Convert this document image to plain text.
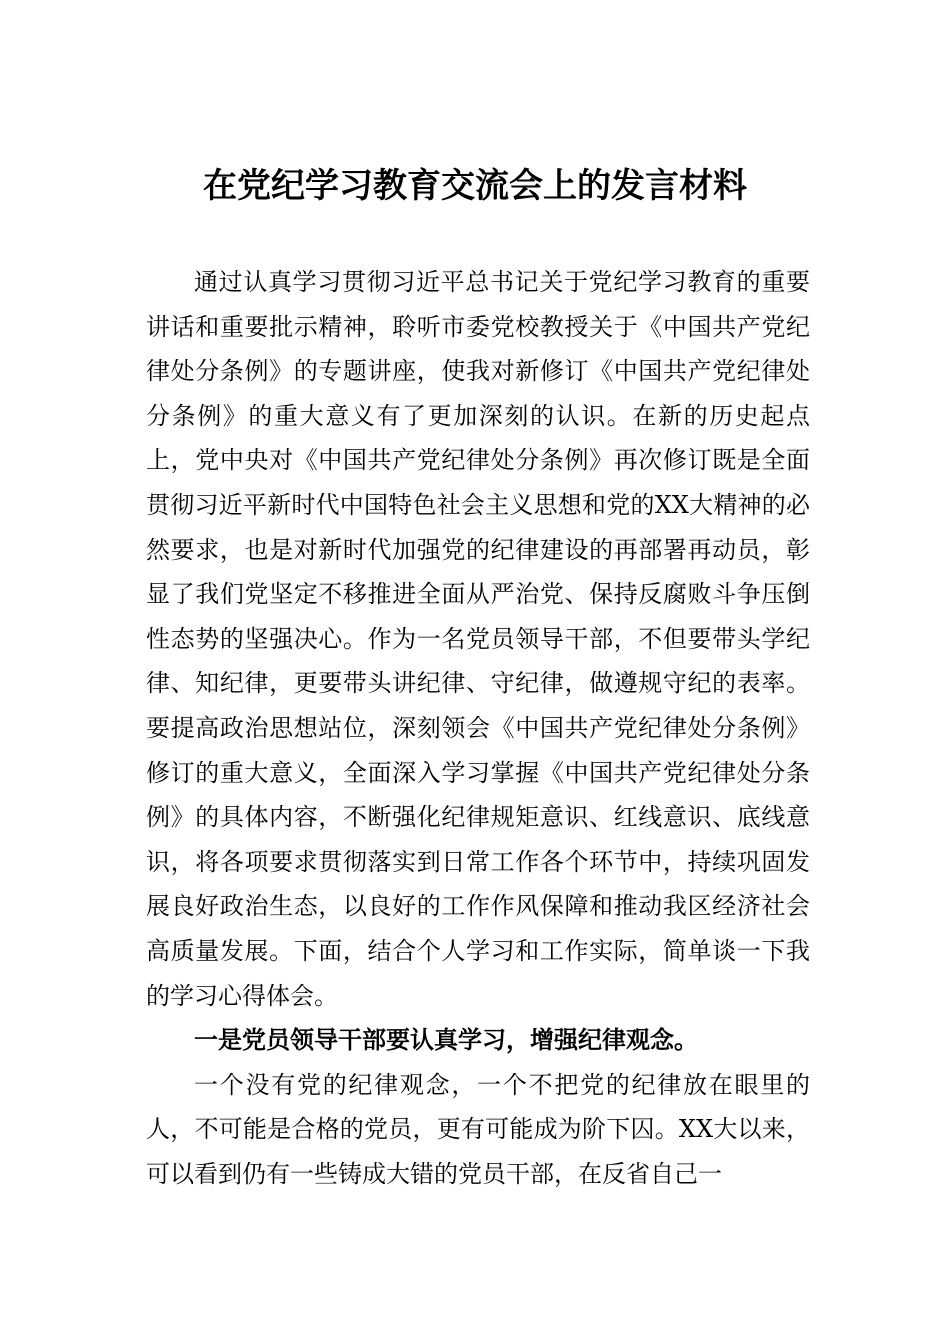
在党纪学习教育交流会上的发言材料

通过认真学习贯彻习近平总书记关于党纪学习教育的重要讲话和重要批示精神，聆听市委党校教授关于《中国共产党纪律处分条例》的专题讲座，使我对新修订《中国共产党纪律处分条例》的重大意义有了更加深刻的认识。在新的历史起点上，党中央对《中国共产党纪律处分条例》再次修订既是全面贯彻习近平新时代中国特色社会主义思想和党的XX大精神的必然要求，也是对新时代加强党的纪律建设的再部署再动员，彰显了我们党坚定不移推进全面从严治党、保持反腐败斗争压倒性态势的坚强决心。作为一名党员领导干部，不但要带头学纪律、知纪律，更要带头讲纪律、守纪律，做遵规守纪的表率。要提高政治思想站位，深刻领会《中国共产党纪律处分条例》修订的重大意义，全面深入学习掌握《中国共产党纪律处分条例》的具体内容，不断强化纪律规矩意识、红线意识、底线意识，将各项要求贯彻落实到日常工作各个环节中，持续巩固发展良好政治生态，以良好的工作作风保障和推动我区经济社会高质量发展。下面，结合个人学习和工作实际，简单谈一下我的学习心得体会。

一是党员领导干部要认真学习，增强纪律观念。

一个没有党的纪律观念，一个不把党的纪律放在眼里的人，不可能是合格的党员，更有可能成为阶下囚。XX大以来，可以看到仍有一些铸成大错的党员干部，在反省自己一
